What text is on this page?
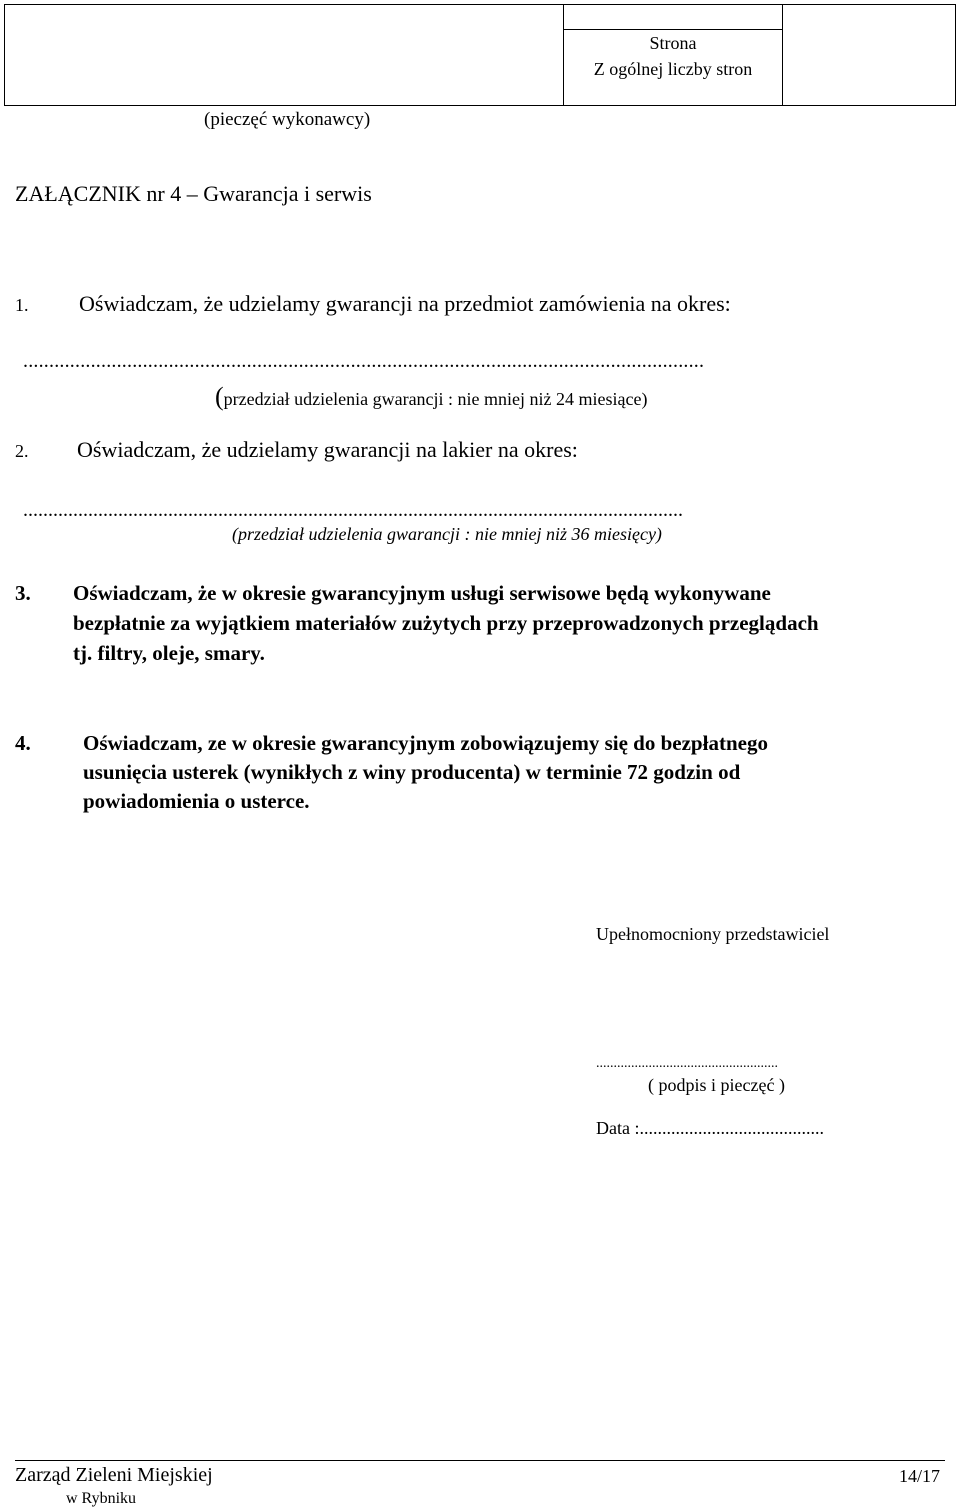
Strona
Z ogólnej liczby stron
(pieczęć wykonawcy)
ZAŁĄCZNIK nr 4 – Gwarancja i serwis
1. Oświadczam, że udzielamy gwarancji na przedmiot zamówienia na okres:
...................................................................................................................................
(przedział udzielenia gwarancji : nie mniej niż 24 miesiące)
2. Oświadczam, że udzielamy gwarancji na lakier na okres:
....................................................................................................................................
(przedział udzielenia gwarancji : nie mniej niż 36 miesięcy)
3. Oświadczam, że w okresie gwarancyjnym usługi serwisowe będą wykonywane
bezpłatnie za wyjątkiem materiałów zużytych przy przeprowadzonych przeglądach
tj. filtry, oleje, smary.
4. Oświadczam, ze w okresie gwarancyjnym zobowiązujemy się do bezpłatnego
usunięcia usterek (wynikłych z winy producenta) w terminie 72 godzin od
powiadomienia o usterce.
Upełnomocniony przedstawiciel
....................................................
( podpis i pieczęć )
Data :.........................................
Zarząd Zieleni Miejskiej
w Rybniku
14/17
